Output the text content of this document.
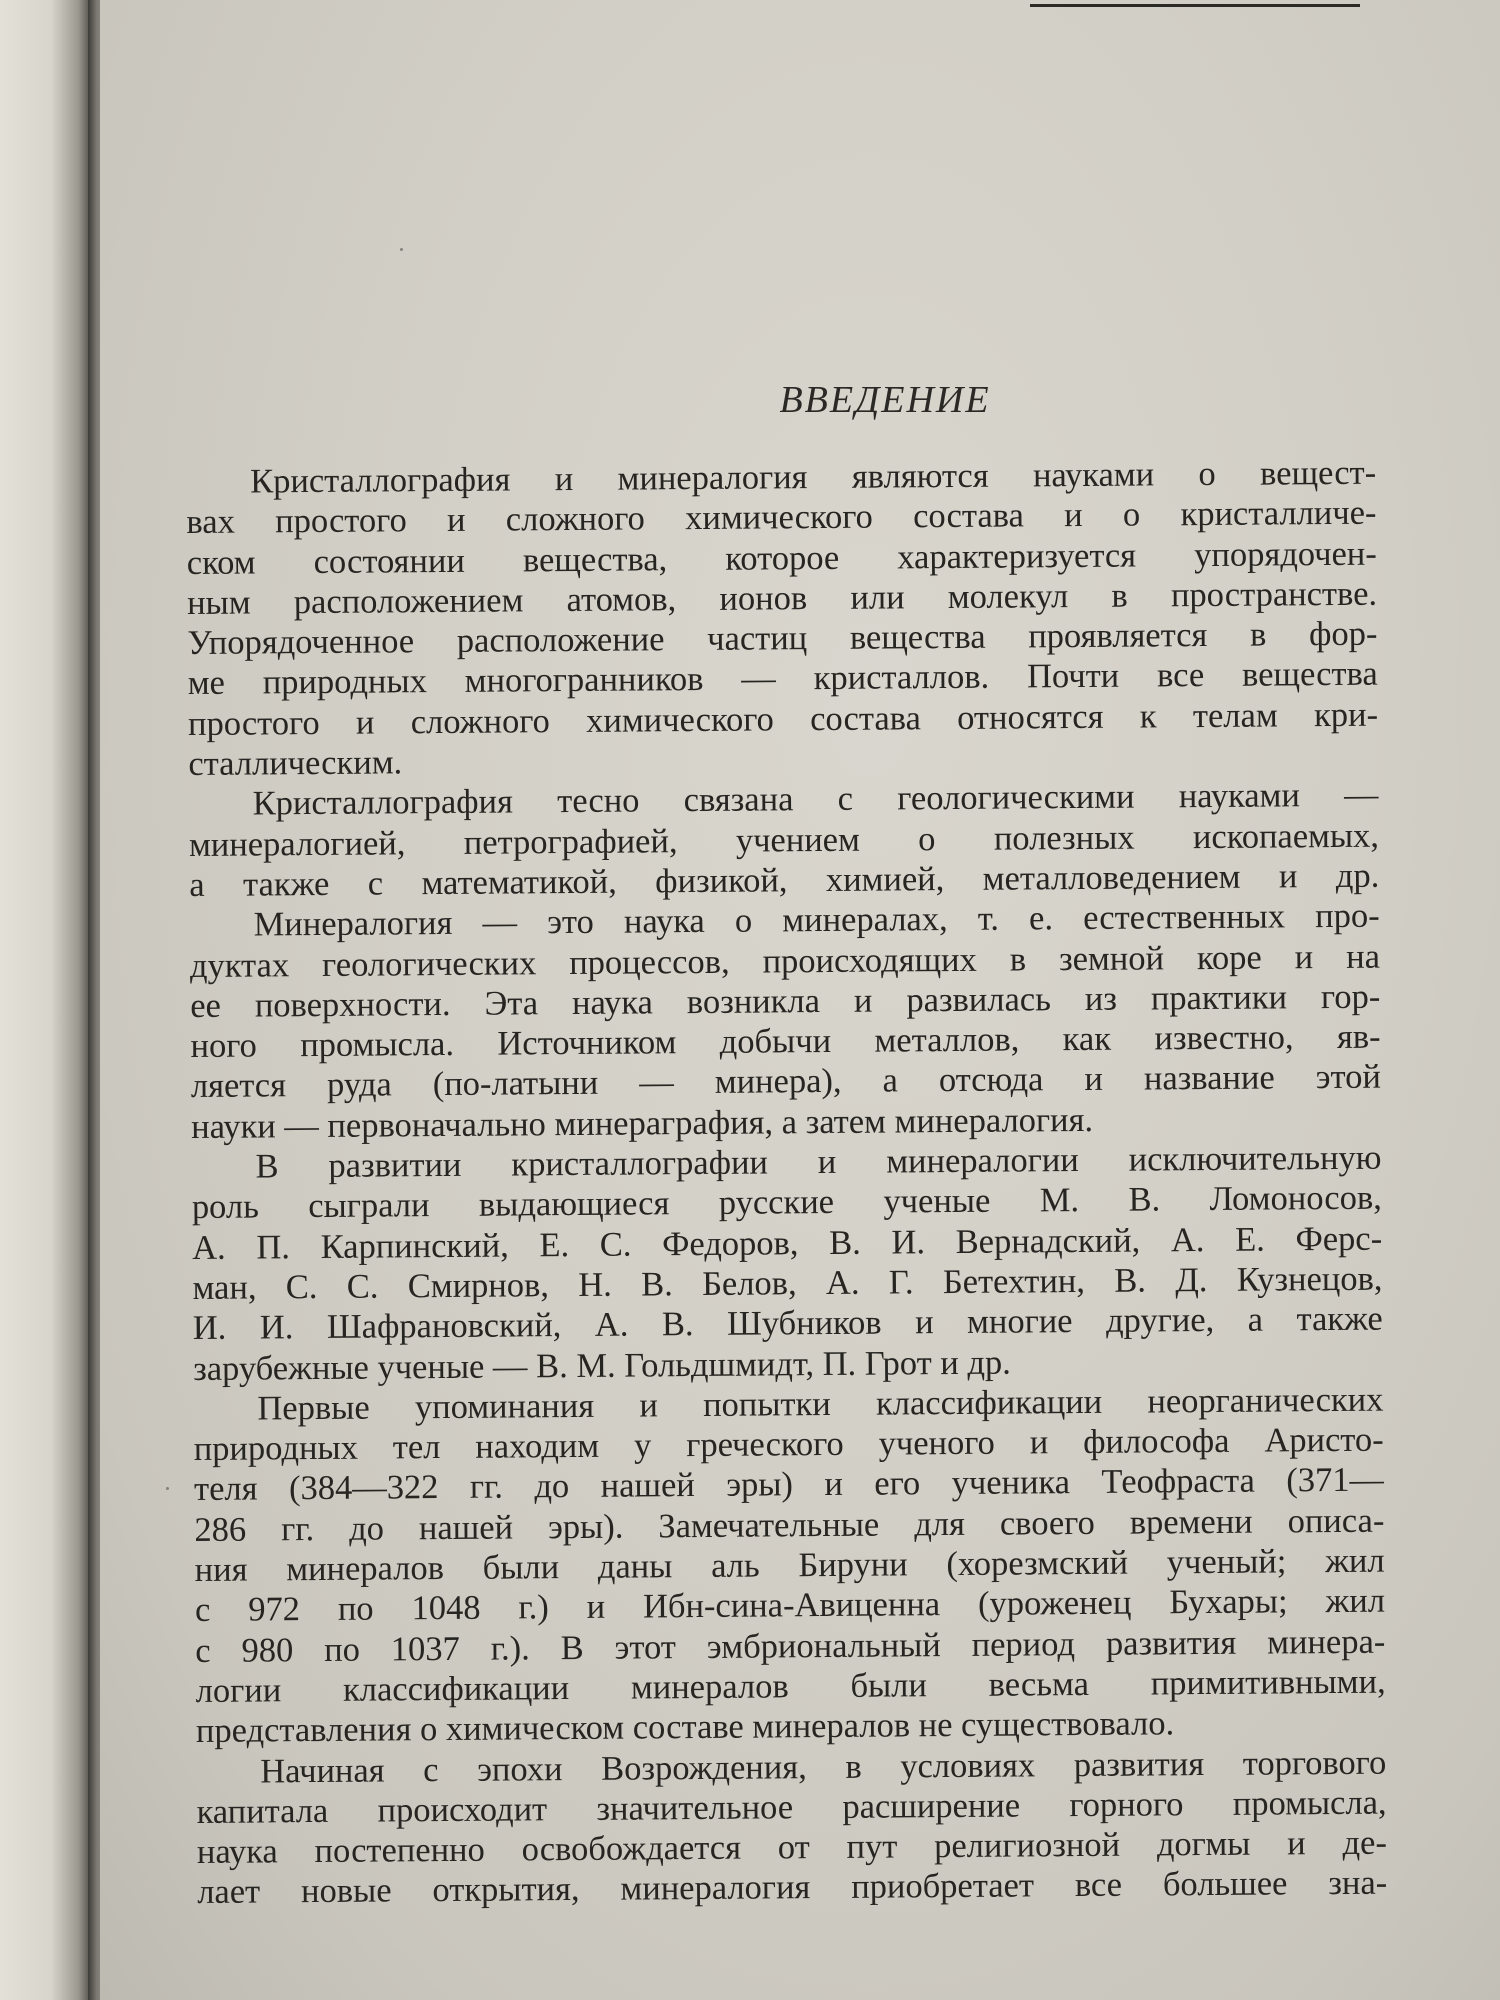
ВВЕДЕНИЕ
Кристаллография и минералогия являются науками о вещест-
вах простого и сложного химического состава и о кристалличе-
ском состоянии вещества, которое характеризуется упорядочен-
ным расположением атомов, ионов или молекул в пространстве.
Упорядоченное расположение частиц вещества проявляется в фор-
ме природных многогранников — кристаллов. Почти все вещества
простого и сложного химического состава относятся к телам кри-
сталлическим.
Кристаллография тесно связана с геологическими науками —
минералогией, петрографией, учением о полезных ископаемых,
а также с математикой, физикой, химией, металловедением и др.
Минералогия — это наука о минералах, т. е. естественных про-
дуктах геологических процессов, происходящих в земной коре и на
ее поверхности. Эта наука возникла и развилась из практики гор-
ного промысла. Источником добычи металлов, как известно, яв-
ляется руда (по-латыни — минера), а отсюда и название этой
науки — первоначально минераграфия, а затем минералогия.
В развитии кристаллографии и минералогии исключительную
роль сыграли выдающиеся русские ученые М. В. Ломоносов,
А. П. Карпинский, Е. С. Федоров, В. И. Вернадский, А. Е. Ферс-
ман, С. С. Смирнов, Н. В. Белов, А. Г. Бетехтин, В. Д. Кузнецов,
И. И. Шафрановский, А. В. Шубников и многие другие, а также
зарубежные ученые — В. М. Гольдшмидт, П. Грот и др.
Первые упоминания и попытки классификации неорганических
природных тел находим у греческого ученого и философа Аристо-
теля (384—322 гг. до нашей эры) и его ученика Теофраста (371—
286 гг. до нашей эры). Замечательные для своего времени описа-
ния минералов были даны аль Бируни (хорезмский ученый; жил
с 972 по 1048 г.) и Ибн-сина-Авиценна (уроженец Бухары; жил
с 980 по 1037 г.). В этот эмбриональный период развития минера-
логии классификации минералов были весьма примитивными,
представления о химическом составе минералов не существовало.
Начиная с эпохи Возрождения, в условиях развития торгового
капитала происходит значительное расширение горного промысла,
наука постепенно освобождается от пут религиозной догмы и де-
лает новые открытия, минералогия приобретает все большее зна-
